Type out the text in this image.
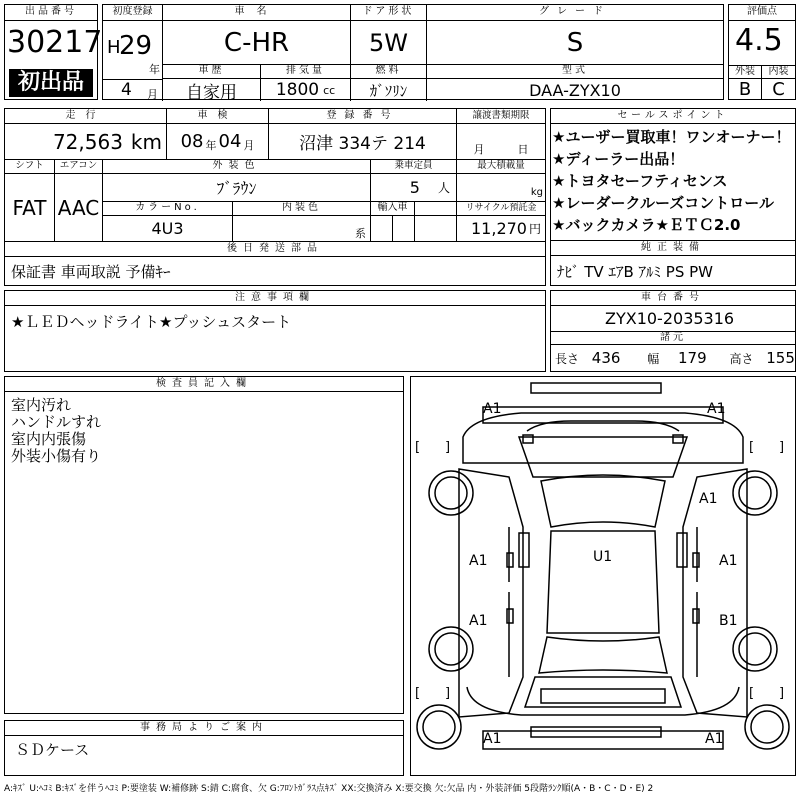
出品番号
30217
初出品
初度登録	車名	ドア形状	グレード
H
29
年
C-HR	5W	S
車歴	排気量	燃料	型式
4 月	自家用	1800 cc	ｶﾞｿﾘﾝ	DAA-ZYX10
評価点
4.5
外装	内装
B	C
走行	車検	登録番号	譲渡書類期限
72,563 km 08 年 04 月	沼津 334テ 214	月	日
シフト	エアコン	外装色	乗車定員	最大積載量
FAT AAC
ﾌﾞﾗｳﾝ	5 人	kg
カラーNo.	内装色	輸入車	リサイクル預託金
4U3	系	11,270 円
後日発送部品
保証書 車両取説 予備ｷｰ
セールスポイント
★ユーザー買取車！ワンオーナー！
★ディーラー出品！
★トヨタセーフティセンス
★レーダークルーズコントロール
★バックカメラ★ＥＴＣ2.0
純正装備
ﾅﾋﾞ TV ｴｱB ｱﾙﾐ PS PW
注意事項欄
★ＬＥＤヘッドライト★プッシュスタート
車台番号
ZYX10-2035316
諸元
長さ 436 幅 179 高さ 155
検査員記入欄
室内汚れ
ハンドルすれ
室内内張傷
外装小傷有り
事務局よりご案内
ＳＤケース
[ ]	[ ]
[ ]	[ ]
A1	A1
A1
A1	A1
U1
A1	B1
A1	A1
A:ｷｽﾞ U:ﾍｺﾐ B:ｷｽﾞを伴うﾍｺﾐ P:要塗装 W:補修跡 S:錆 C:腐食、欠 G:ﾌﾛﾝﾄｶﾞﾗｽ点ｷｽﾞ XX:交換済み X:要交換 欠:欠品 内・外装評価 5段階ﾗﾝｸ順(A・B・C・D・E) 2
